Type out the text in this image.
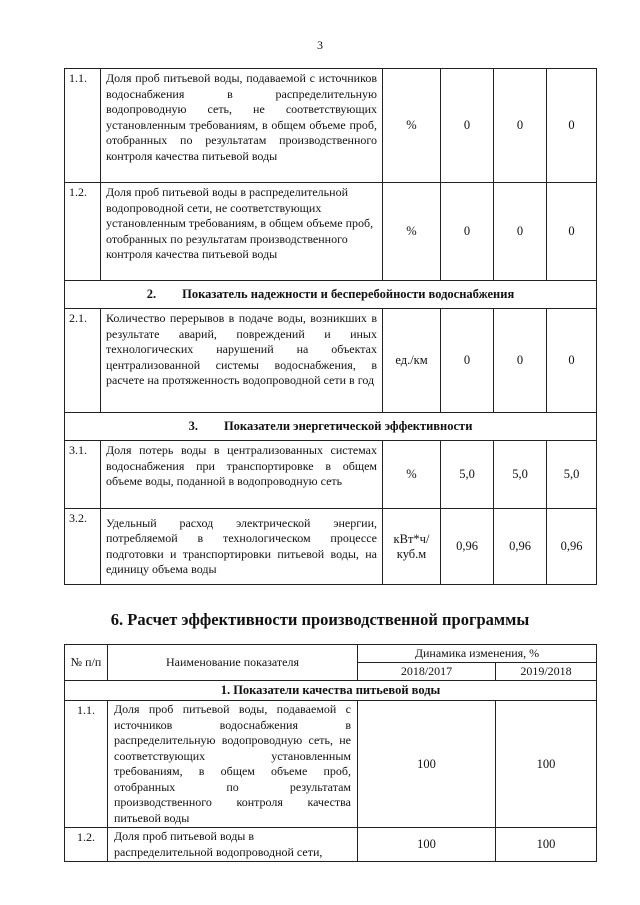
3
1.1.	Доля проб питьевой воды, подаваемой с источников водоснабжения в распределительную водопроводную сеть, не соответствующих установленным требованиям, в общем объеме проб, отобранных по результатам производственного контроля качества питьевой воды	%	0	0	0
1.2.	Доля проб питьевой воды в распределительной водопроводной сети, не соответствующих установленным требованиям, в общем объеме проб, отобранных по результатам производственного контроля качества питьевой воды	%	0	0	0
2. Показатель надежности и бесперебойности водоснабжения					
2.1.	Количество перерывов в подаче воды, возникших в результате аварий, повреждений и иных технологических нарушений на объектах централизованной системы водоснабжения, в расчете на протяженность водопроводной сети в год	ед./км	0	0	0
3. Показатели энергетической эффективности					
3.1.	Доля потерь воды в централизованных системах водоснабжения при транспортировке в общем объеме воды, поданной в водопроводную сеть	%	5,0	5,0	5,0
3.2.	Удельный расход электрической энергии, потребляемой в технологическом процессе подготовки и транспортировки питьевой воды, на единицу объема воды	кВт*ч/ куб.м	0,96	0,96	0,96
6. Расчет эффективности производственной программы
№ п/п	Наименование показателя	Динамика изменения, %	
		2018/2017	2019/2018
1. Показатели качества питьевой воды			
1.1.	Доля проб питьевой воды, подаваемой с источников водоснабжения в распределительную водопроводную сеть, не соответствующих установленным требованиям, в общем объеме проб, отобранных по результатам производственного контроля качества питьевой воды	100	100
1.2.	Доля проб питьевой воды в распределительной водопроводной сети,	100	100
